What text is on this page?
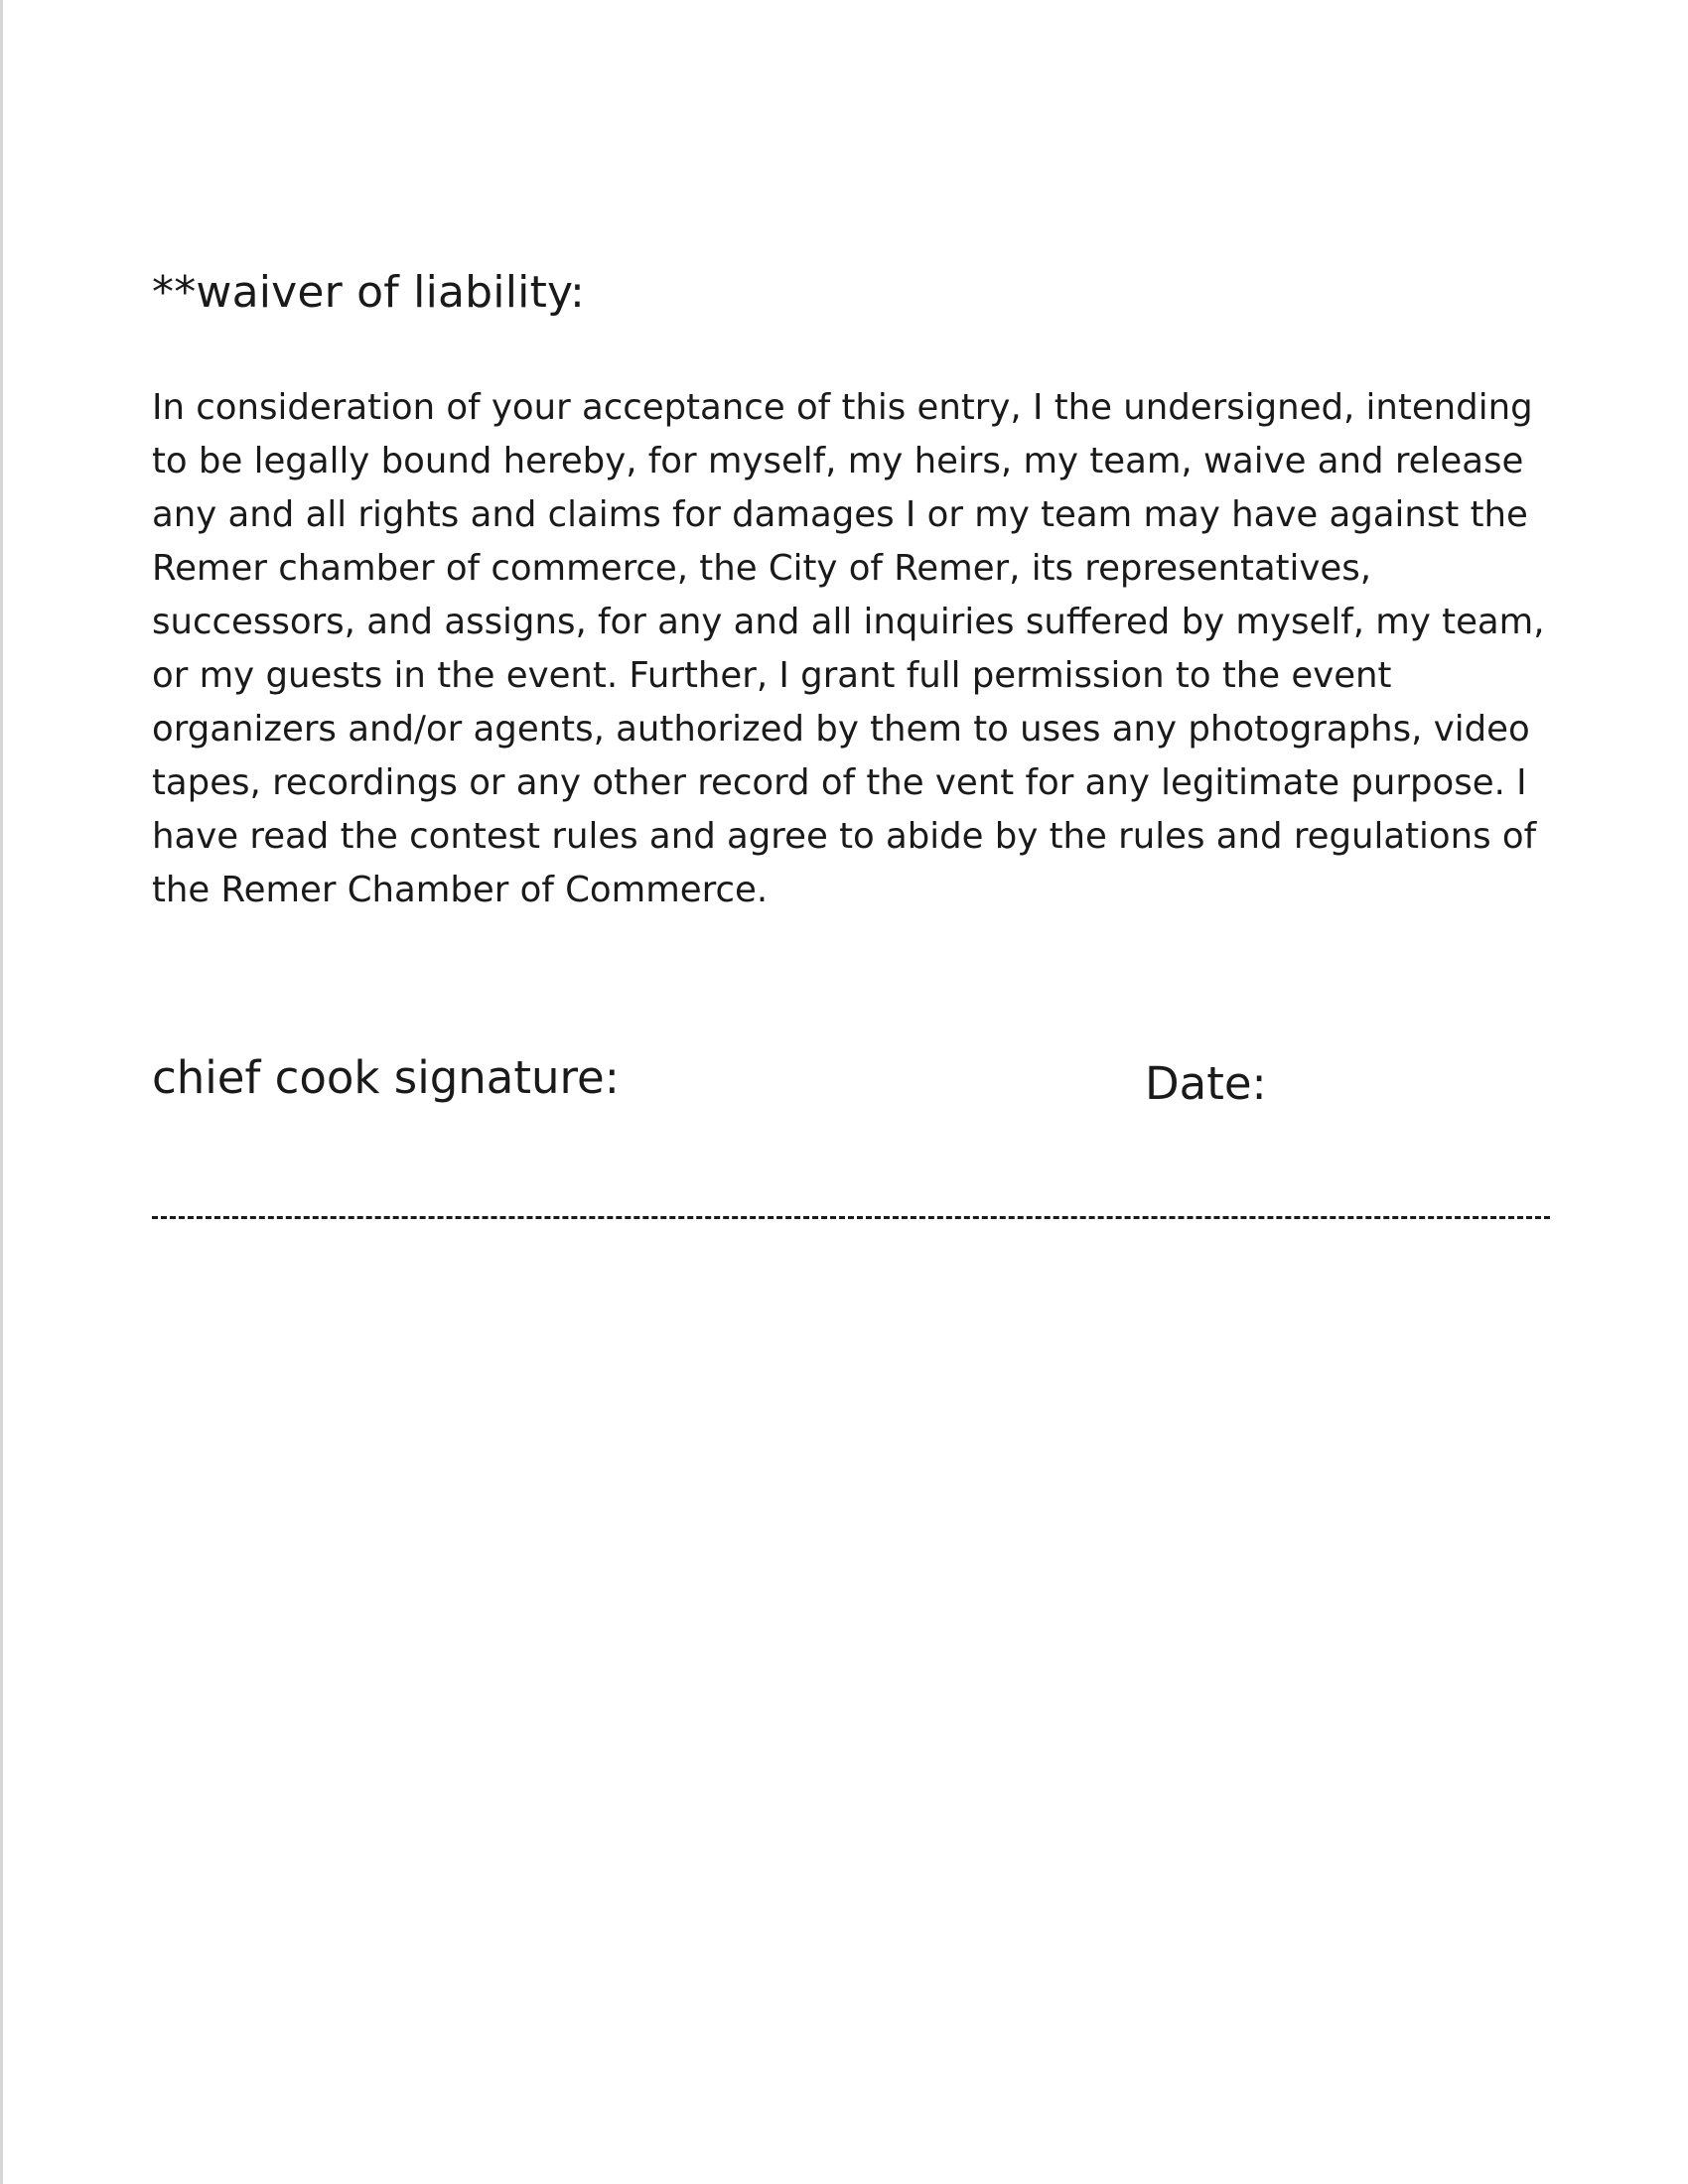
**waiver of liability:

In consideration of your acceptance of this entry, I the undersigned, intending
to be legally bound hereby, for myself, my heirs, my team, waive and release
any and all rights and claims for damages I or my team may have against the
Remer chamber of commerce, the City of Remer, its representatives,
successors, and assigns, for any and all inquiries suffered by myself, my team,
or my guests in the event. Further, I grant full permission to the event
organizers and/or agents, authorized by them to uses any photographs, video
tapes, recordings or any other record of the vent for any legitimate purpose. I
have read the contest rules and agree to abide by the rules and regulations of
the Remer Chamber of Commerce.

chief cook signature:	Date:
